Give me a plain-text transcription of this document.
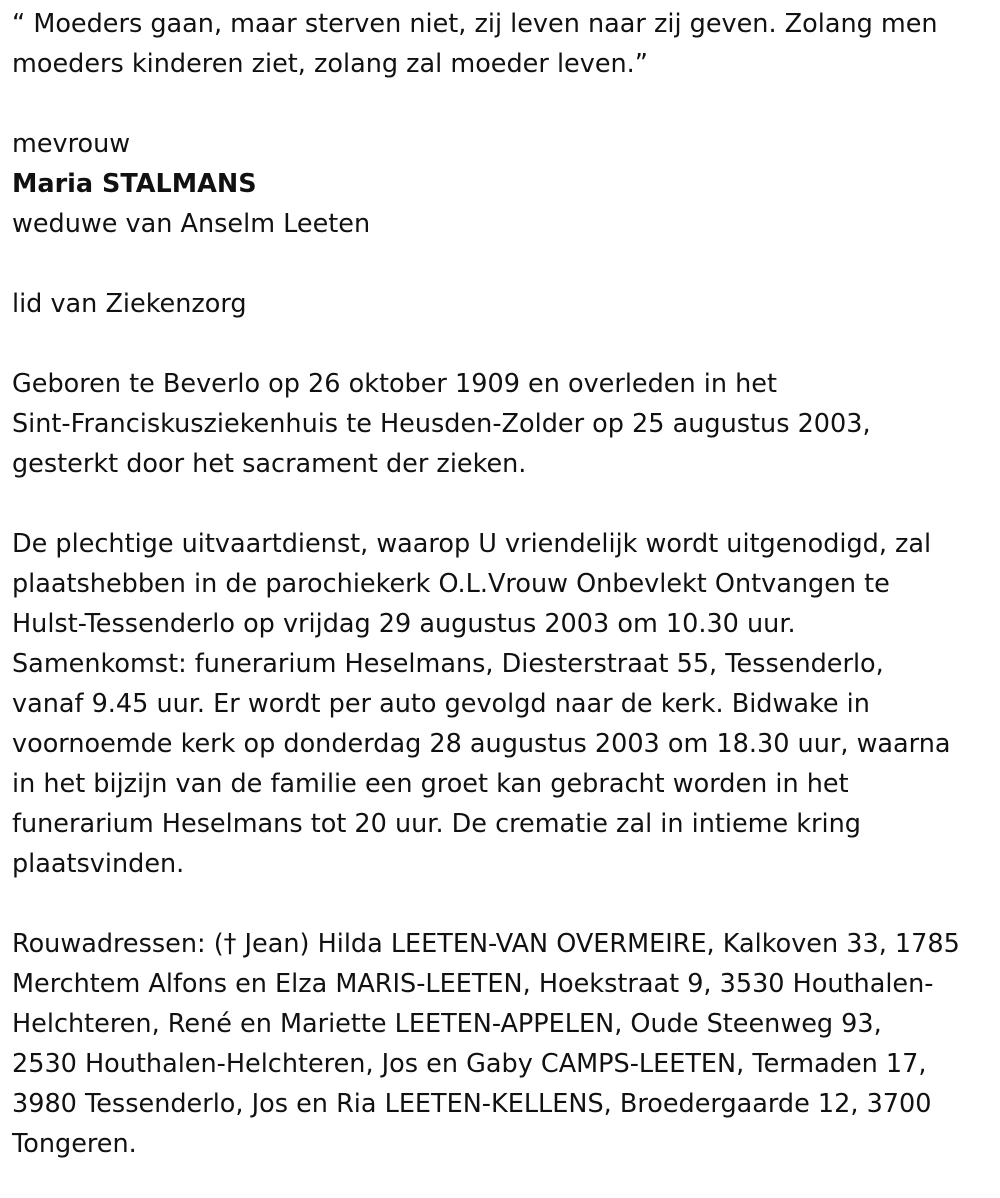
“ Moeders gaan, maar sterven niet, zij leven naar zij geven. Zolang men
moeders kinderen ziet, zolang zal moeder leven.”
mevrouw
Maria STALMANS
weduwe van Anselm Leeten
lid van Ziekenzorg
Geboren te Beverlo op 26 oktober 1909 en overleden in het
Sint-Franciskusziekenhuis te Heusden-Zolder op 25 augustus 2003,
gesterkt door het sacrament der zieken.
De plechtige uitvaartdienst, waarop U vriendelijk wordt uitgenodigd, zal
plaatshebben in de parochiekerk O.L.Vrouw Onbevlekt Ontvangen te
Hulst-Tessenderlo op vrijdag 29 augustus 2003 om 10.30 uur.
Samenkomst: funerarium Heselmans, Diesterstraat 55, Tessenderlo,
vanaf 9.45 uur. Er wordt per auto gevolgd naar de kerk. Bidwake in
voornoemde kerk op donderdag 28 augustus 2003 om 18.30 uur, waarna
in het bijzijn van de familie een groet kan gebracht worden in het
funerarium Heselmans tot 20 uur. De crematie zal in intieme kring
plaatsvinden.
Rouwadressen: († Jean) Hilda LEETEN-VAN OVERMEIRE, Kalkoven 33, 1785
Merchtem Alfons en Elza MARIS-LEETEN, Hoekstraat 9, 3530 Houthalen-
Helchteren, René en Mariette LEETEN-APPELEN, Oude Steenweg 93,
2530 Houthalen-Helchteren, Jos en Gaby CAMPS-LEETEN, Termaden 17,
3980 Tessenderlo, Jos en Ria LEETEN-KELLENS, Broedergaarde 12, 3700
Tongeren.
